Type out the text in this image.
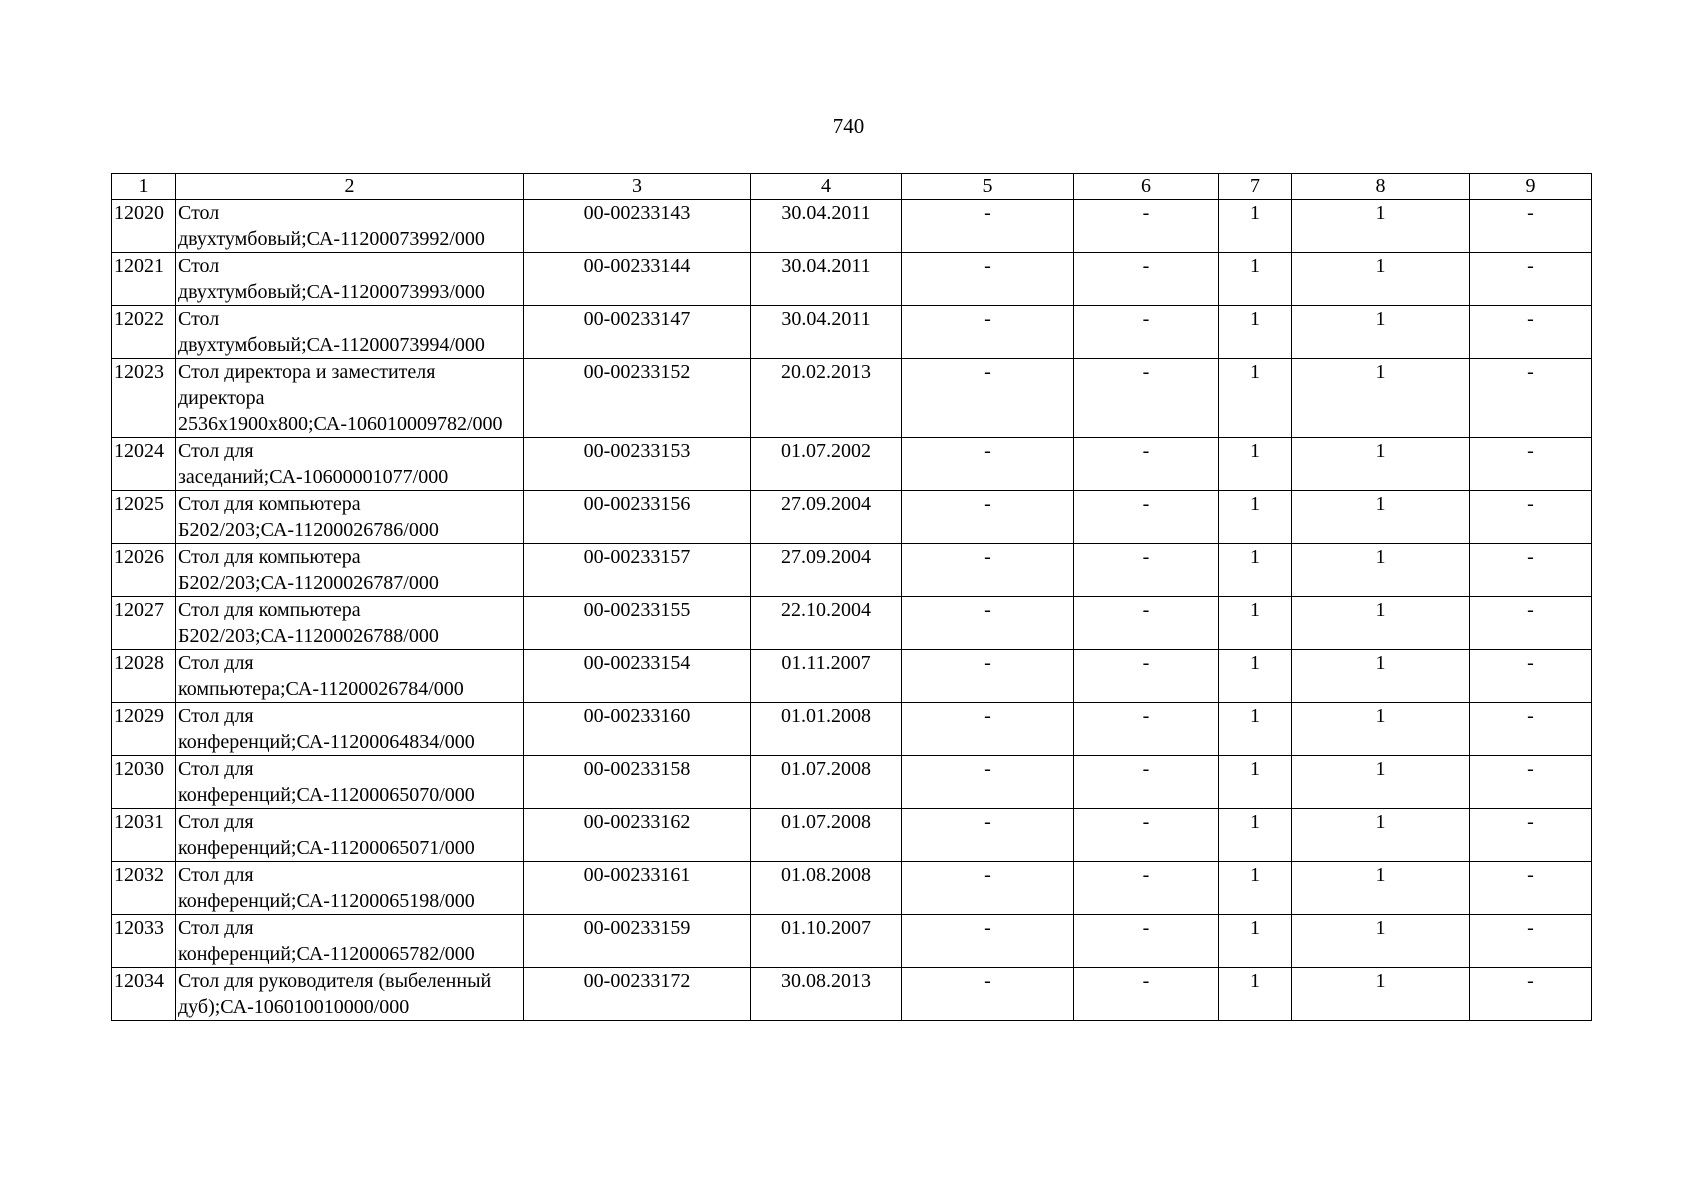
740
1	2	3	4	5	6	7	8	9
12020	Стол двухтумбовый;СА-11200073992/000	00-00233143	30.04.2011	-	-	1	1	-
12021	Стол двухтумбовый;СА-11200073993/000	00-00233144	30.04.2011	-	-	1	1	-
12022	Стол двухтумбовый;СА-11200073994/000	00-00233147	30.04.2011	-	-	1	1	-
12023	Стол директора и заместителя директора 2536х1900х800;СА-106010009782/000	00-00233152	20.02.2013	-	-	1	1	-
12024	Стол для заседаний;СА-10600001077/000	00-00233153	01.07.2002	-	-	1	1	-
12025	Стол для компьютера Б202/203;СА-11200026786/000	00-00233156	27.09.2004	-	-	1	1	-
12026	Стол для компьютера Б202/203;СА-11200026787/000	00-00233157	27.09.2004	-	-	1	1	-
12027	Стол для компьютера Б202/203;СА-11200026788/000	00-00233155	22.10.2004	-	-	1	1	-
12028	Стол для компьютера;СА-11200026784/000	00-00233154	01.11.2007	-	-	1	1	-
12029	Стол для конференций;СА-11200064834/000	00-00233160	01.01.2008	-	-	1	1	-
12030	Стол для конференций;СА-11200065070/000	00-00233158	01.07.2008	-	-	1	1	-
12031	Стол для конференций;СА-11200065071/000	00-00233162	01.07.2008	-	-	1	1	-
12032	Стол для конференций;СА-11200065198/000	00-00233161	01.08.2008	-	-	1	1	-
12033	Стол для конференций;СА-11200065782/000	00-00233159	01.10.2007	-	-	1	1	-
12034	Стол для руководителя (выбеленный дуб);СА-106010010000/000	00-00233172	30.08.2013	-	-	1	1	-
